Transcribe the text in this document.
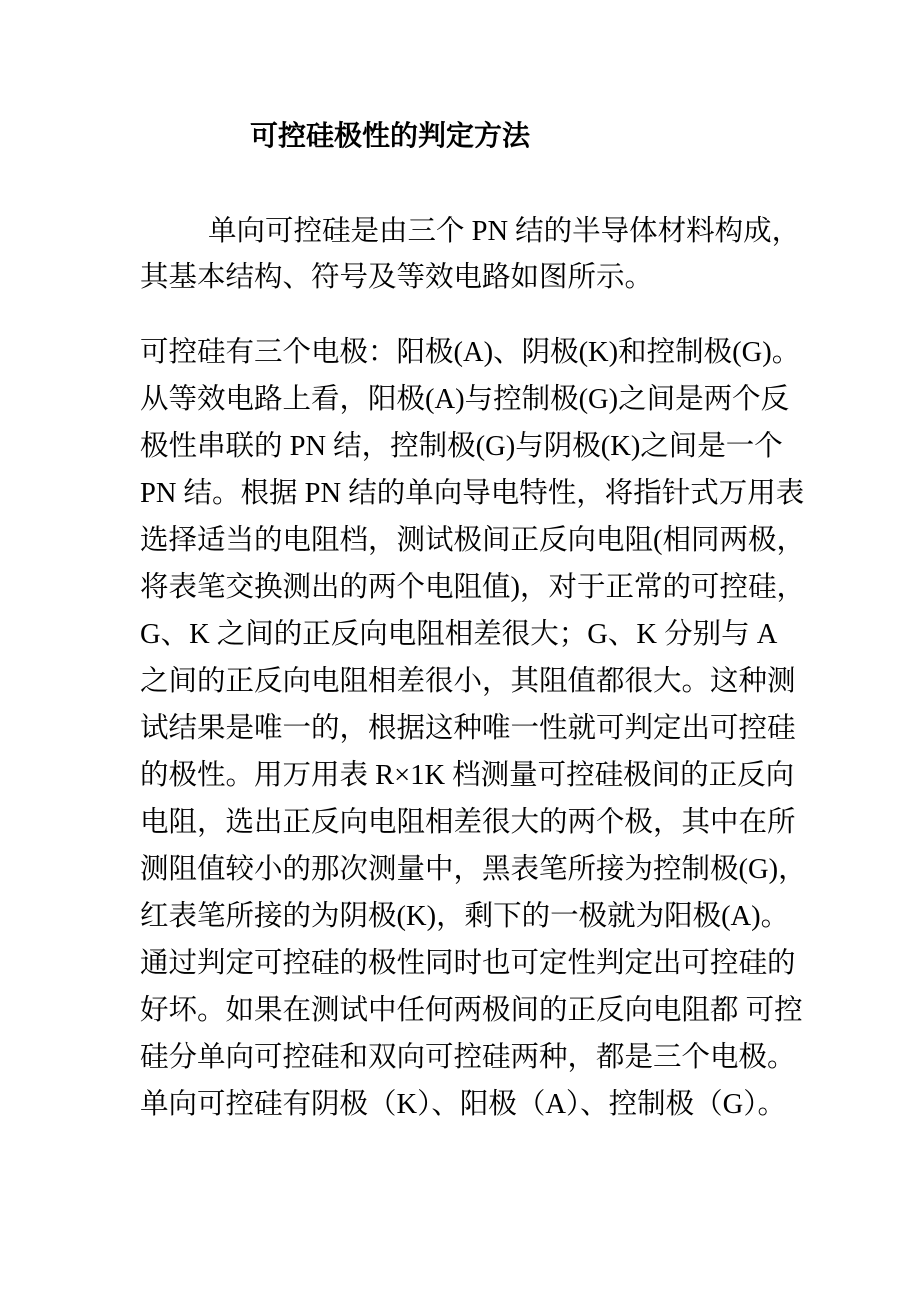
可控硅极性的判定方法
单向可控硅是由三个 PN 结的半导体材料构成，
其基本结构、符号及等效电路如图所示。
可控硅有三个电极：阳极(A)、阴极(K)和控制极(G)。
从等效电路上看，阳极(A)与控制极(G)之间是两个反
极性串联的 PN 结，控制极(G)与阴极(K)之间是一个
PN 结。根据 PN 结的单向导电特性，将指针式万用表
选择适当的电阻档，测试极间正反向电阻(相同两极，
将表笔交换测出的两个电阻值)，对于正常的可控硅，
G、K 之间的正反向电阻相差很大；G、K 分别与 A
之间的正反向电阻相差很小，其阻值都很大。这种测
试结果是唯一的，根据这种唯一性就可判定出可控硅
的极性。用万用表 R×1K 档测量可控硅极间的正反向
电阻，选出正反向电阻相差很大的两个极，其中在所
测阻值较小的那次测量中，黑表笔所接为控制极(G)，
红表笔所接的为阴极(K)，剩下的一极就为阳极(A)。
通过判定可控硅的极性同时也可定性判定出可控硅的
好坏。如果在测试中任何两极间的正反向电阻都 可控
硅分单向可控硅和双向可控硅两种，都是三个电极。
单向可控硅有阴极（K）、阳极（A）、控制极（G）。
